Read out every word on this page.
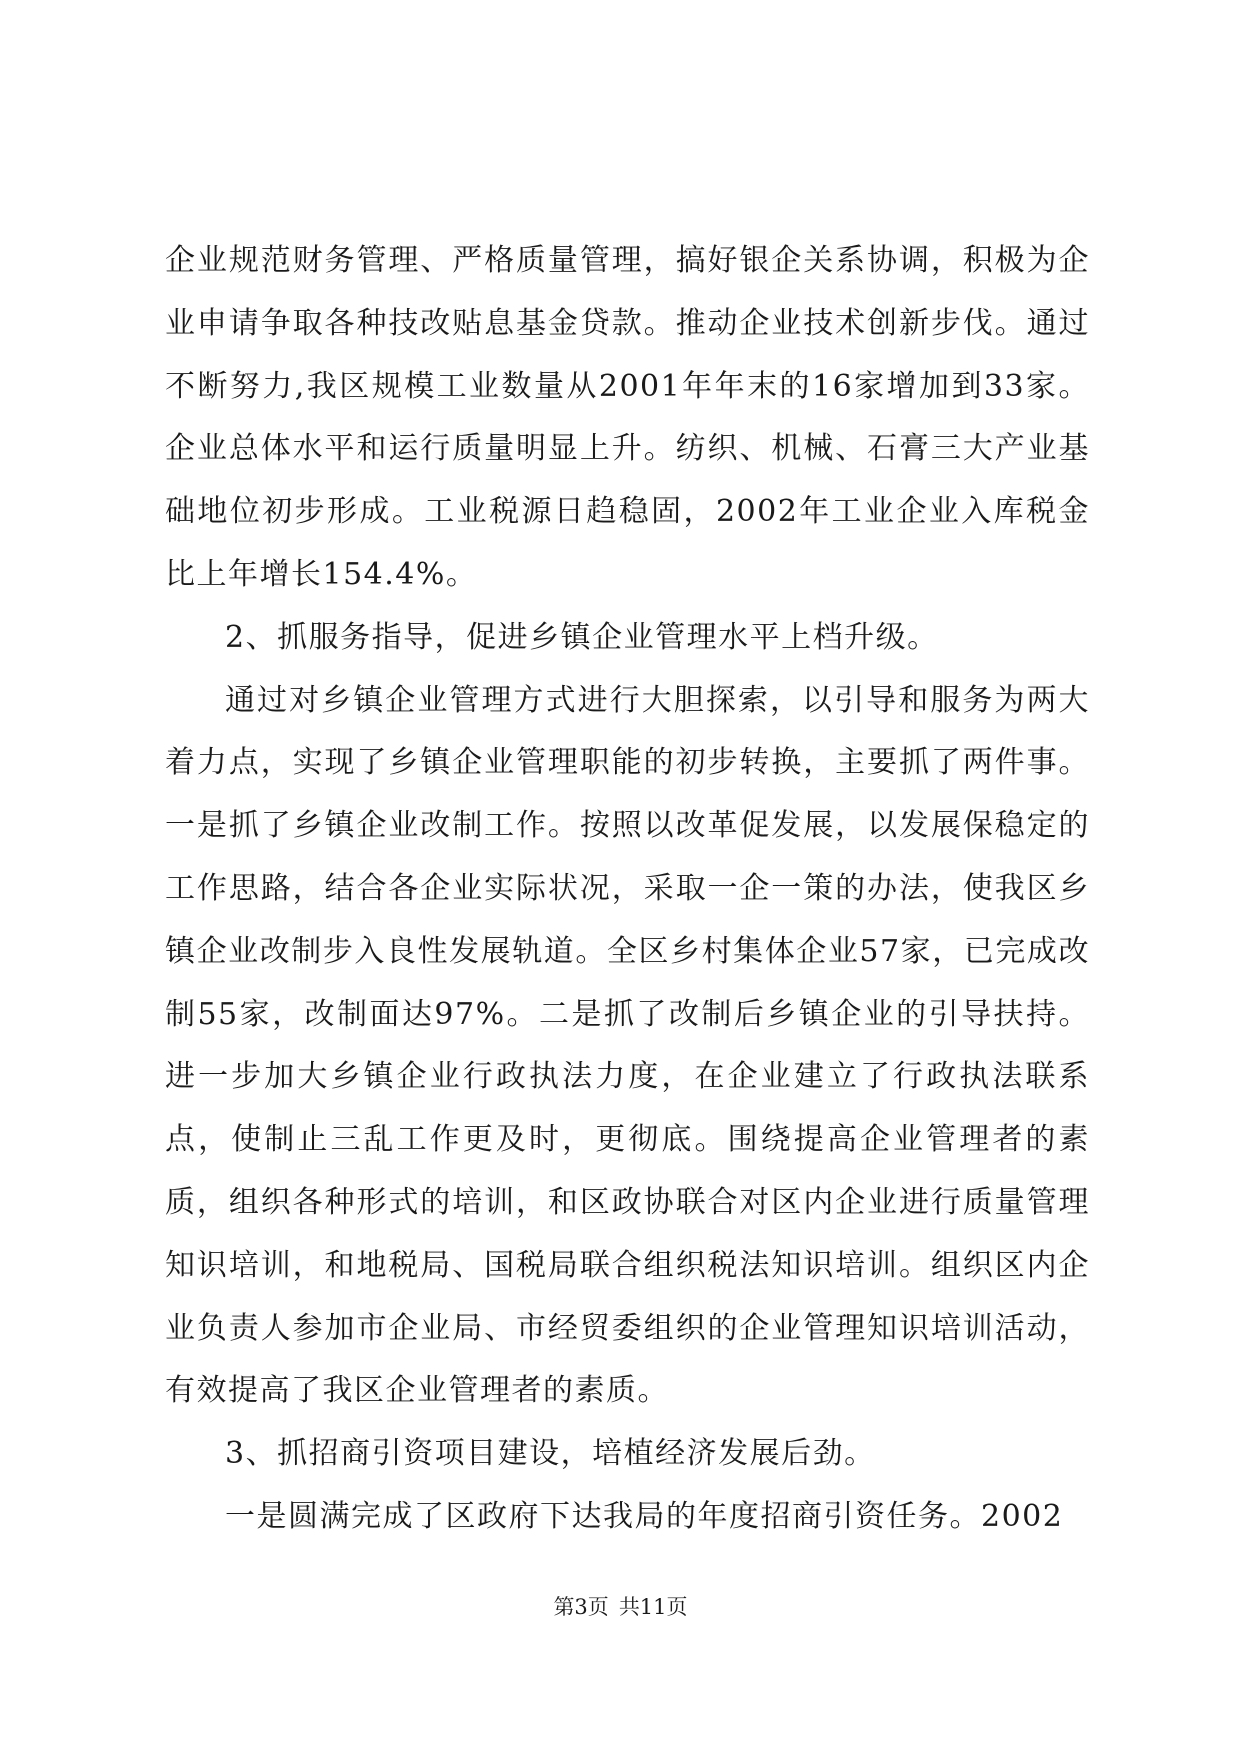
企业规范财务管理、严格质量管理，搞好银企关系协调，积极为企业申请争取各种技改贴息基金贷款。推动企业技术创新步伐。通过不断努力,我区规模工业数量从2001年年末的16家增加到33家。企业总体水平和运行质量明显上升。纺织、机械、石膏三大产业基础地位初步形成。工业税源日趋稳固，2002年工业企业入库税金比上年增长154.4%。

2、抓服务指导，促进乡镇企业管理水平上档升级。

通过对乡镇企业管理方式进行大胆探索，以引导和服务为两大着力点，实现了乡镇企业管理职能的初步转换，主要抓了两件事。一是抓了乡镇企业改制工作。按照以改革促发展，以发展保稳定的工作思路，结合各企业实际状况，采取一企一策的办法，使我区乡镇企业改制步入良性发展轨道。全区乡村集体企业57家，已完成改制55家，改制面达97%。二是抓了改制后乡镇企业的引导扶持。进一步加大乡镇企业行政执法力度，在企业建立了行政执法联系点，使制止三乱工作更及时，更彻底。围绕提高企业管理者的素质，组织各种形式的培训，和区政协联合对区内企业进行质量管理知识培训，和地税局、国税局联合组织税法知识培训。组织区内企业负责人参加市企业局、市经贸委组织的企业管理知识培训活动，有效提高了我区企业管理者的素质。

3、抓招商引资项目建设，培植经济发展后劲。

一是圆满完成了区政府下达我局的年度招商引资任务。2002

第3页 共11页
